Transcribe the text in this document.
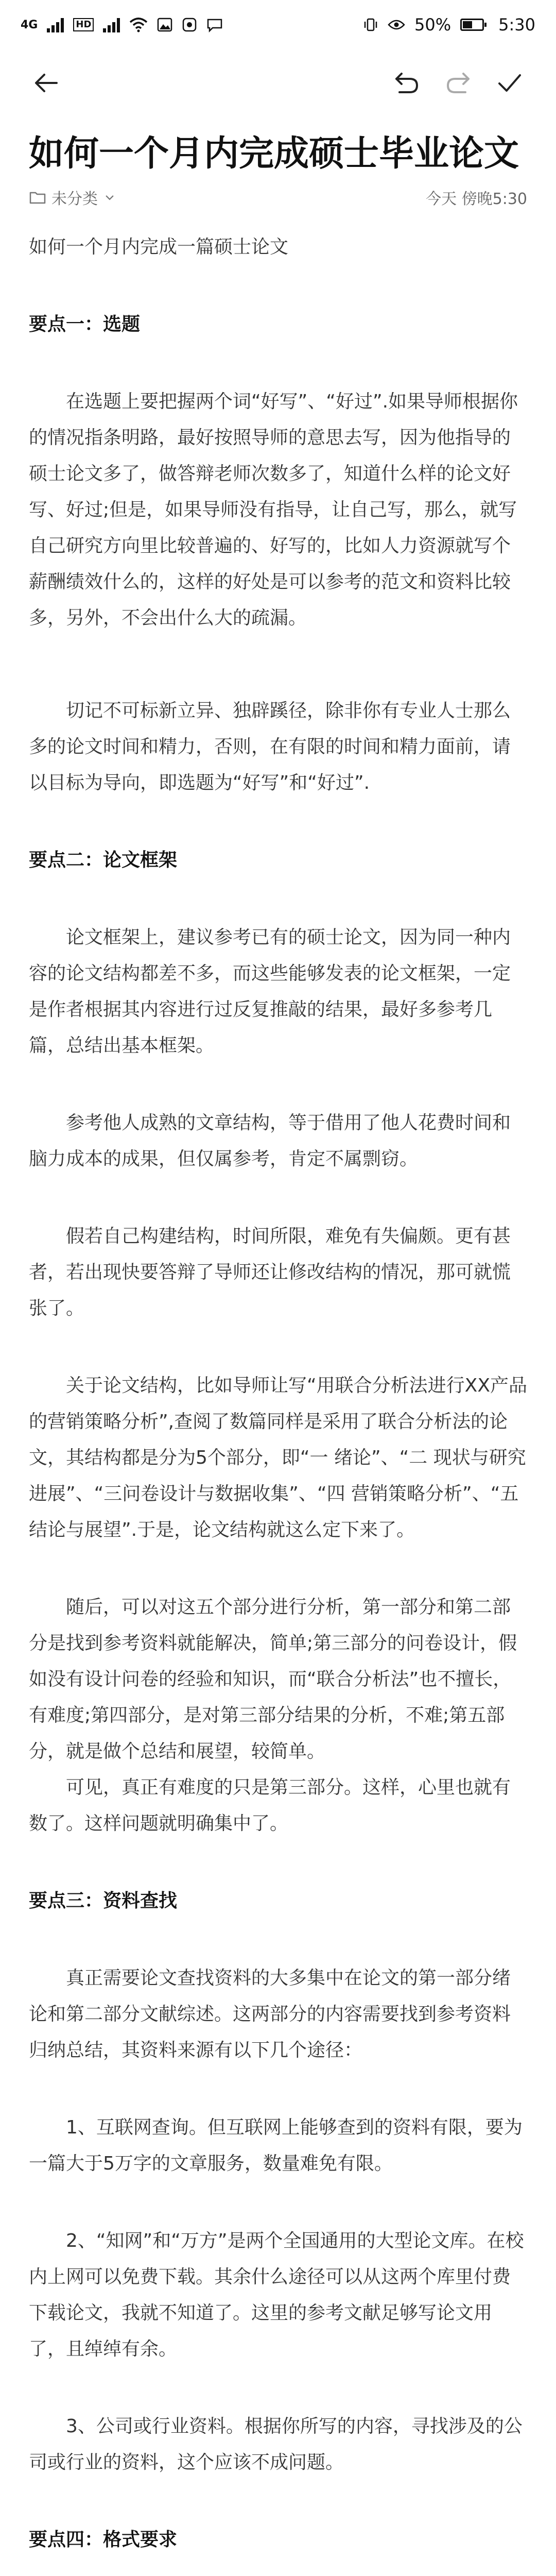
4G	HD	50%	5:30
如何一个月内完成硕士毕业论文
未分类	今天 傍晚5:30

如何一个月内完成一篇硕士论文

要点一：选题

在选题上要把握两个词“好写”、“好过”.如果导师根据你的情况指条明路，最好按照导师的意思去写，因为他指导的硕士论文多了，做答辩老师次数多了，知道什么样的论文好写、好过;但是，如果导师没有指导，让自己写，那么，就写自己研究方向里比较普遍的、好写的，比如人力资源就写个薪酬绩效什么的，这样的好处是可以参考的范文和资料比较多，另外，不会出什么大的疏漏。

切记不可标新立异、独辟蹊径，除非你有专业人士那么多的论文时间和精力，否则，在有限的时间和精力面前，请以目标为导向，即选题为“好写”和“好过”.

要点二：论文框架

论文框架上，建议参考已有的硕士论文，因为同一种内容的论文结构都差不多，而这些能够发表的论文框架，一定是作者根据其内容进行过反复推敲的结果，最好多参考几篇，总结出基本框架。

参考他人成熟的文章结构，等于借用了他人花费时间和脑力成本的成果，但仅属参考，肯定不属剽窃。

假若自己构建结构，时间所限，难免有失偏颇。更有甚者，若出现快要答辩了导师还让修改结构的情况，那可就慌张了。

关于论文结构，比如导师让写“用联合分析法进行XX产品的营销策略分析”,查阅了数篇同样是采用了联合分析法的论文，其结构都是分为5个部分，即“一 绪论”、“二 现状与研究进展”、“三问卷设计与数据收集”、“四 营销策略分析”、“五 结论与展望”.于是，论文结构就这么定下来了。

随后，可以对这五个部分进行分析，第一部分和第二部分是找到参考资料就能解决，简单;第三部分的问卷设计，假如没有设计问卷的经验和知识，而“联合分析法”也不擅长，有难度;第四部分，是对第三部分结果的分析，不难;第五部分，就是做个总结和展望，较简单。

可见，真正有难度的只是第三部分。这样，心里也就有数了。这样问题就明确集中了。

要点三：资料查找

真正需要论文查找资料的大多集中在论文的第一部分绪论和第二部分文献综述。这两部分的内容需要找到参考资料归纳总结，其资料来源有以下几个途径：

1、互联网查询。但互联网上能够查到的资料有限，要为一篇大于5万字的文章服务，数量难免有限。

2、“知网”和“万方”是两个全国通用的大型论文库。在校内上网可以免费下载。其余什么途径可以从这两个库里付费下载论文，我就不知道了。这里的参考文献足够写论文用了，且绰绰有余。

3、公司或行业资料。根据你所写的内容，寻找涉及的公司或行业的资料，这个应该不成问题。

要点四：格式要求
